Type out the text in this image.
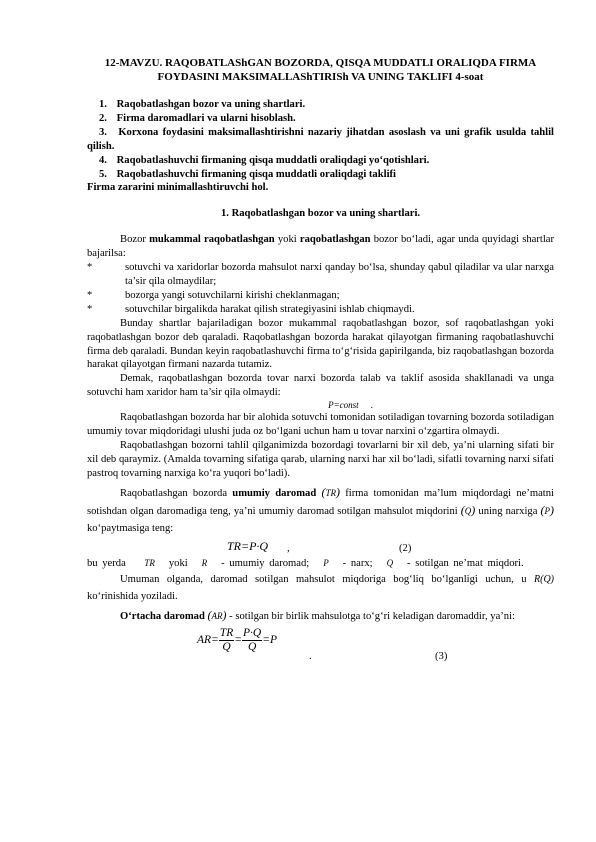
12-MAVZU. RAQOBATLAShGAN BOZORDA, QISQA MUDDATLI ORALIQDA FIRMA FOYDASINI MAKSIMALLAShTIRISh VA UNING TAKLIFI 4-soat
1. Raqobatlashgan bozor va uning shartlari.
2. Firma daromadlari va ularni hisoblash.
3. Korxona foydasini maksimallashtirishni nazariy jihatdan asoslash va uni grafik usulda tahlil qilish.
4. Raqobatlashuvchi firmaning qisqa muddatli oraliqdagi yo‘qotishlari.
5. Raqobatlashuvchi firmaning qisqa muddatli oraliqdagi taklifi
Firma zararini minimallashtiruvchi hol.
1. Raqobatlashgan bozor va uning shartlari.

Bozor mukammal raqobatlashgan yoki raqobatlashgan bozor bo‘ladi, agar unda quyidagi shartlar bajarilsa:

*	sotuvchi va xaridorlar bozorda mahsulot narxi qanday bo‘lsa, shunday qabul qiladilar va ular narxga ta’sir qila olmaydilar;

*	bozorga yangi sotuvchilarni kirishi cheklanmagan;

*	sotuvchilar birgalikda harakat qilish strategiyasini ishlab chiqmaydi.

Bunday shartlar bajariladigan bozor mukammal raqobatlashgan bozor, sof raqobatlashgan yoki raqobatlashgan bozor deb qaraladi. Raqobatlashgan bozorda harakat qilayotgan firmaning raqobatlashuvchi firma deb qaraladi. Bundan keyin raqobatlashuvchi firma to‘g‘risida gapirilganda, biz raqobatlashgan bozorda harakat qilayotgan firmani nazarda tutamiz.

Demak, raqobatlashgan bozorda tovar narxi bozorda talab va taklif asosida shakllanadi va unga sotuvchi ham xaridor ham ta’sir qila olmaydi:

P=const .

Raqobatlashgan bozorda har bir alohida sotuvchi tomonidan sotiladigan tovarning bozorda sotiladigan umumiy tovar miqdoridagi ulushi juda oz bo‘lgani uchun ham u tovar narxini o‘zgartira olmaydi.

Raqobatlashgan bozorni tahlil qilganimizda bozordagi tovarlarni bir xil deb, ya’ni ularning sifati bir xil deb qaraymiz. (Amalda tovarning sifatiga qarab, ularning narxi har xil bo‘ladi, sifatli tovarning narxi sifati pastroq tovarning narxiga ko‘ra yuqori bo‘ladi).

Raqobatlashgan bozorda umumiy daromad (TR) firma tomonidan ma’lum miqdordagi ne’matni sotishdan olgan daromadiga teng, ya’ni umumiy daromad sotilgan mahsulot miqdorini (Q) uning narxiga (P) ko‘paytmasiga teng:

TR=P·Q ,	(2)

bu yerda TR yoki R - umumiy daromad; P - narx; Q - sotilgan ne’mat miqdori.

Umuman olganda, daromad sotilgan mahsulot miqdoriga bog‘liq bo‘lganligi uchun, u R(Q) ko‘rinishida yoziladi.

O‘rtacha daromad (AR) - sotilgan bir birlik mahsulotga to‘g‘ri keladigan daromaddir, ya’ni:

$AR= \frac{TR}{Q} = \frac{P\cdot Q}{Q} =P$
.	(3)
